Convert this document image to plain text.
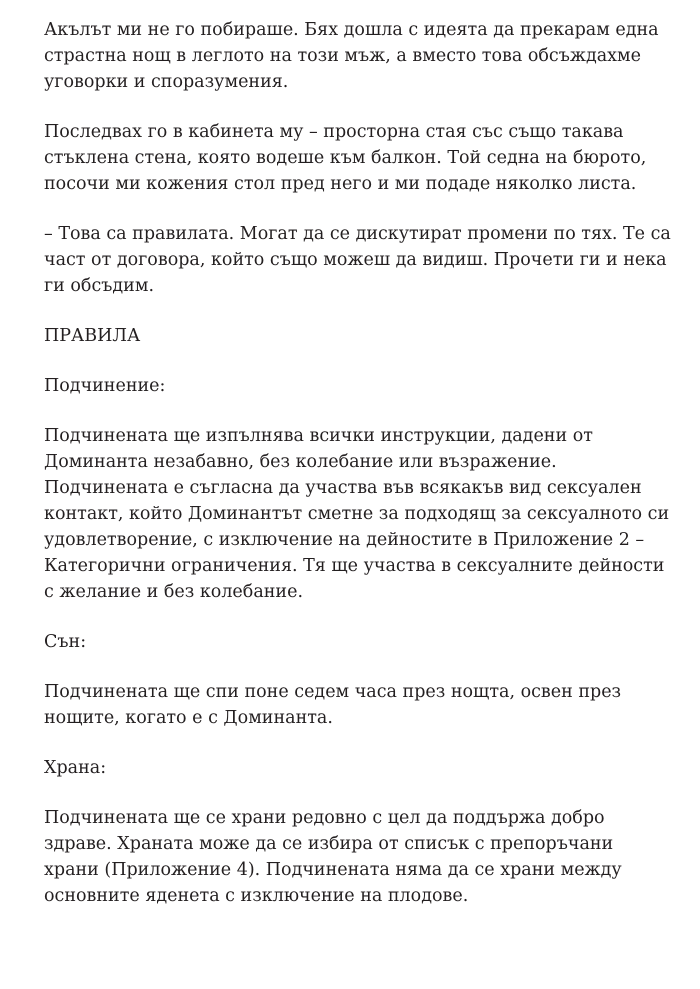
Акълът ми не го побираше. Бях дошла с идеята да прекарам една страстна нощ в леглото на този мъж, а вместо това обсъждахме уговорки и споразумения.

Последвах го в кабинета му – просторна стая със също такава стъклена стена, която водеше към балкон. Той седна на бюрото, посочи ми кожения стол пред него и ми подаде няколко листа.

– Това са правилата. Могат да се дискутират промени по тях. Те са част от договора, който също можеш да видиш. Прочети ги и нека ги обсъдим.

ПРАВИЛА

Подчинение:

Подчинената ще изпълнява всички инструкции, дадени от Доминанта незабавно, без колебание или възражение. Подчинената е съгласна да участва във всякакъв вид сексуален контакт, който Доминантът сметне за подходящ за сексуалното си удовлетворение, с изключение на дейностите в Приложение 2 – Категорични ограничения. Тя ще участва в сексуалните дейности с желание и без колебание.

Сън:

Подчинената ще спи поне седем часа през нощта, освен през нощите, когато е с Доминанта.

Храна:

Подчинената ще се храни редовно с цел да поддържа добро здраве. Храната може да се избира от списък с препоръчани храни (Приложение 4). Подчинената няма да се храни между основните яденета с изключение на плодове.
